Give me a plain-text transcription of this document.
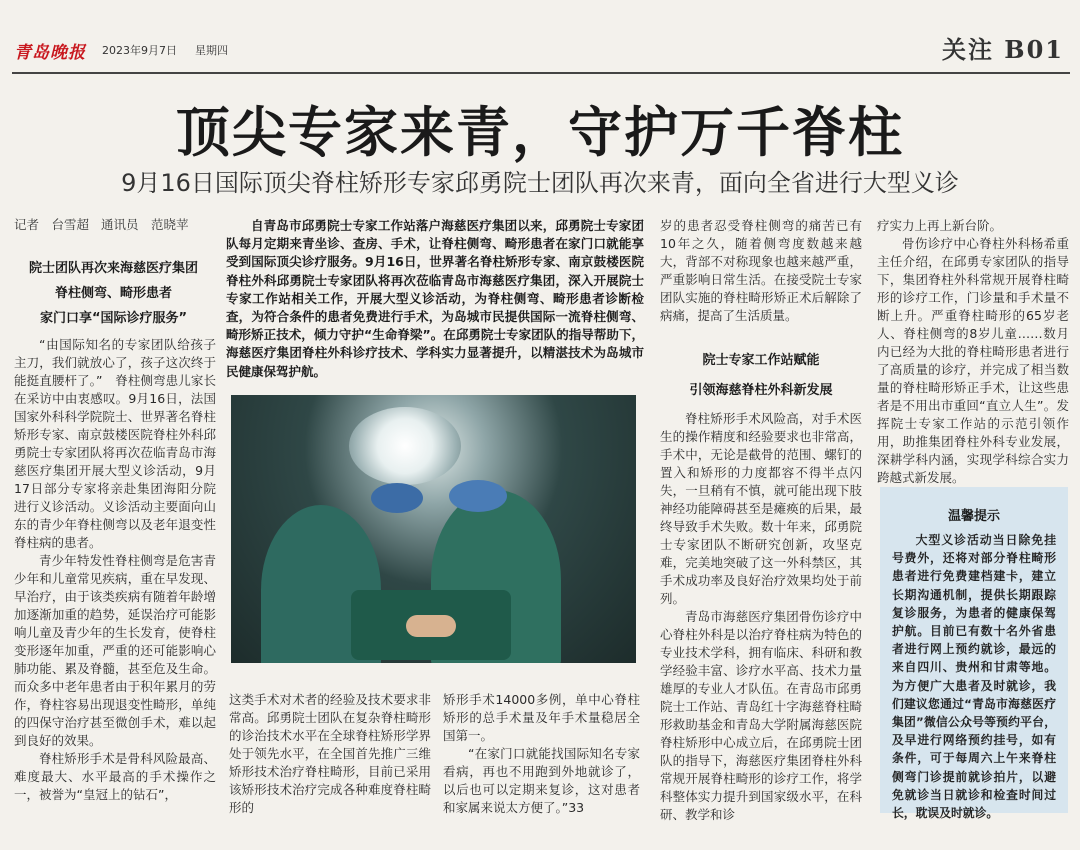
青岛晚报 2023年9月7日 星期四	关注 B01
顶尖专家来青，守护万千脊柱
9月16日国际顶尖脊柱矫形专家邱勇院士团队再次来青，面向全省进行大型义诊
记者　台雪超 通讯员　范晓苹
院士团队再次来海慈医疗集团
脊柱侧弯、畸形患者
家门口享“国际诊疗服务”

“由国际知名的专家团队给孩子主刀，我们就放心了，孩子这次终于能挺直腰杆了。”　脊柱侧弯患儿家长在采访中由衷感叹。9月16日，法国国家外科科学院院士、世界著名脊柱矫形专家、南京鼓楼医院脊柱外科邱勇院士专家团队将再次莅临青岛市海慈医疗集团开展大型义诊活动，9月17日部分专家将亲赴集团海阳分院进行义诊活动。义诊活动主要面向山东的青少年脊柱侧弯以及老年退变性脊柱病的患者。

青少年特发性脊柱侧弯是危害青少年和儿童常见疾病，重在早发现、早治疗，由于该类疾病有随着年龄增加逐渐加重的趋势，延误治疗可能影响儿童及青少年的生长发育，使脊柱变形逐年加重，严重的还可能影响心肺功能、累及脊髓，甚至危及生命。而众多中老年患者由于积年累月的劳作，脊柱容易出现退变性畸形，单纯的四保守治疗甚至微创手术，难以起到良好的效果。

脊柱矫形手术是骨科风险最高、难度最大、水平最高的手术操作之一，被誉为“皇冠上的钻石”，

自青岛市邱勇院士专家工作站落户海慈医疗集团以来，邱勇院士专家团队每月定期来青坐诊、查房、手术，让脊柱侧弯、畸形患者在家门口就能享受到国际顶尖诊疗服务。9月16日，世界著名脊柱矫形专家、南京鼓楼医院脊柱外科邱勇院士专家团队将再次莅临青岛市海慈医疗集团，深入开展院士专家工作站相关工作，开展大型义诊活动，为脊柱侧弯、畸形患者诊断检查，为符合条件的患者免费进行手术，为岛城市民提供国际一流脊柱侧弯、畸形矫正技术，倾力守护“生命脊梁”。在邱勇院士专家团队的指导帮助下，海慈医疗集团脊柱外科诊疗技术、学科实力显著提升，以精湛技术为岛城市民健康保驾护航。

这类手术对术者的经验及技术要求非常高。邱勇院士团队在复杂脊柱畸形的诊治技术水平在全球脊柱矫形学界处于领先水平，在全国首先推广三维矫形技术治疗脊柱畸形，目前已采用该矫形技术治疗完成各种难度脊柱畸形的

矫形手术14000多例，单中心脊柱矫形的总手术量及年手术量稳居全国第一。

“在家门口就能找国际知名专家看病，再也不用跑到外地就诊了，以后也可以定期来复诊，这对患者和家属来说太方便了。”33

岁的患者忍受脊柱侧弯的痛苦已有10年之久，随着侧弯度数越来越大，背部不对称现象也越来越严重，严重影响日常生活。在接受院士专家团队实施的脊柱畸形矫正术后解除了病痛，提高了生活质量。

院士专家工作站赋能
引领海慈脊柱外科新发展

脊柱矫形手术风险高，对手术医生的操作精度和经验要求也非常高，手术中，无论是截骨的范围、螺钉的置入和矫形的力度都容不得半点闪失，一旦稍有不慎，就可能出现下肢神经功能障碍甚至是瘫痪的后果，最终导致手术失败。数十年来，邱勇院士专家团队不断研究创新，攻坚克难，完美地突破了这一外科禁区，其手术成功率及良好治疗效果均处于前列。

青岛市海慈医疗集团骨伤诊疗中心脊柱外科是以治疗脊柱病为特色的专业技术学科，拥有临床、科研和教学经验丰富、诊疗水平高、技术力量雄厚的专业人才队伍。在青岛市邱勇院士工作站、青岛红十字海慈脊柱畸形救助基金和青岛大学附属海慈医院脊柱矫形中心成立后，在邱勇院士团队的指导下，海慈医疗集团脊柱外科常规开展脊柱畸形的诊疗工作，将学科整体实力提升到国家级水平，在科研、教学和诊

疗实力上再上新台阶。

骨伤诊疗中心脊柱外科杨希重主任介绍，在邱勇专家团队的指导下，集团脊柱外科常规开展脊柱畸形的诊疗工作，门诊量和手术量不断上升。严重脊柱畸形的65岁老人、脊柱侧弯的8岁儿童……数月内已经为大批的脊柱畸形患者进行了高质量的诊疗，并完成了相当数量的脊柱畸形矫正手术，让这些患者是不用出市重回“直立人生”。发挥院士专家工作站的示范引领作用，助推集团脊柱外科专业发展，深耕学科内涵，实现学科综合实力跨越式新发展。

温馨提示
大型义诊活动当日除免挂号费外，还将对部分脊柱畸形患者进行免费建档建卡，建立长期沟通机制，提供长期跟踪复诊服务，为患者的健康保驾护航。目前已有数十名外省患者进行网上预约就诊，最远的来自四川、贵州和甘肃等地。为方便广大患者及时就诊，我们建议您通过“青岛市海慈医疗集团”微信公众号等预约平台，及早进行网络预约挂号，如有条件，可于每周六上午来脊柱侧弯门诊提前就诊拍片，以避免就诊当日就诊和检查时间过长，耽误及时就诊。
